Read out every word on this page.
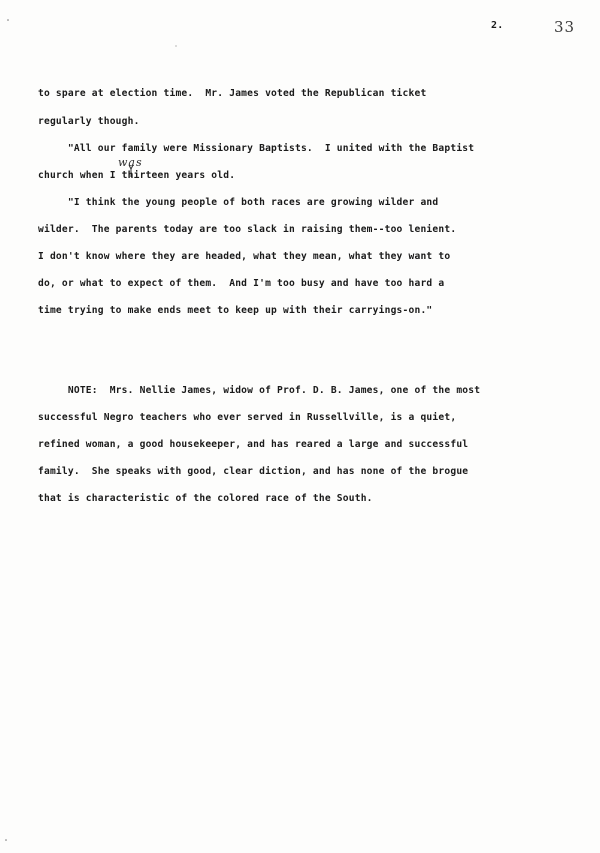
2.	33
to spare at election time.  Mr. James voted the Republican ticket
regularly though.
"All our family were Missionary Baptists.  I united with the Baptist
was
church when I thirteen years old.
"I think the young people of both races are growing wilder and
wilder.  The parents today are too slack in raising them--too lenient.
I don't know where they are headed, what they mean, what they want to
do, or what to expect of them.  And I'm too busy and have too hard a
time trying to make ends meet to keep up with their carryings-on."
NOTE:  Mrs. Nellie James, widow of Prof. D. B. James, one of the most
successful Negro teachers who ever served in Russellville, is a quiet,
refined woman, a good housekeeper, and has reared a large and successful
family.  She speaks with good, clear diction, and has none of the brogue
that is characteristic of the colored race of the South.
